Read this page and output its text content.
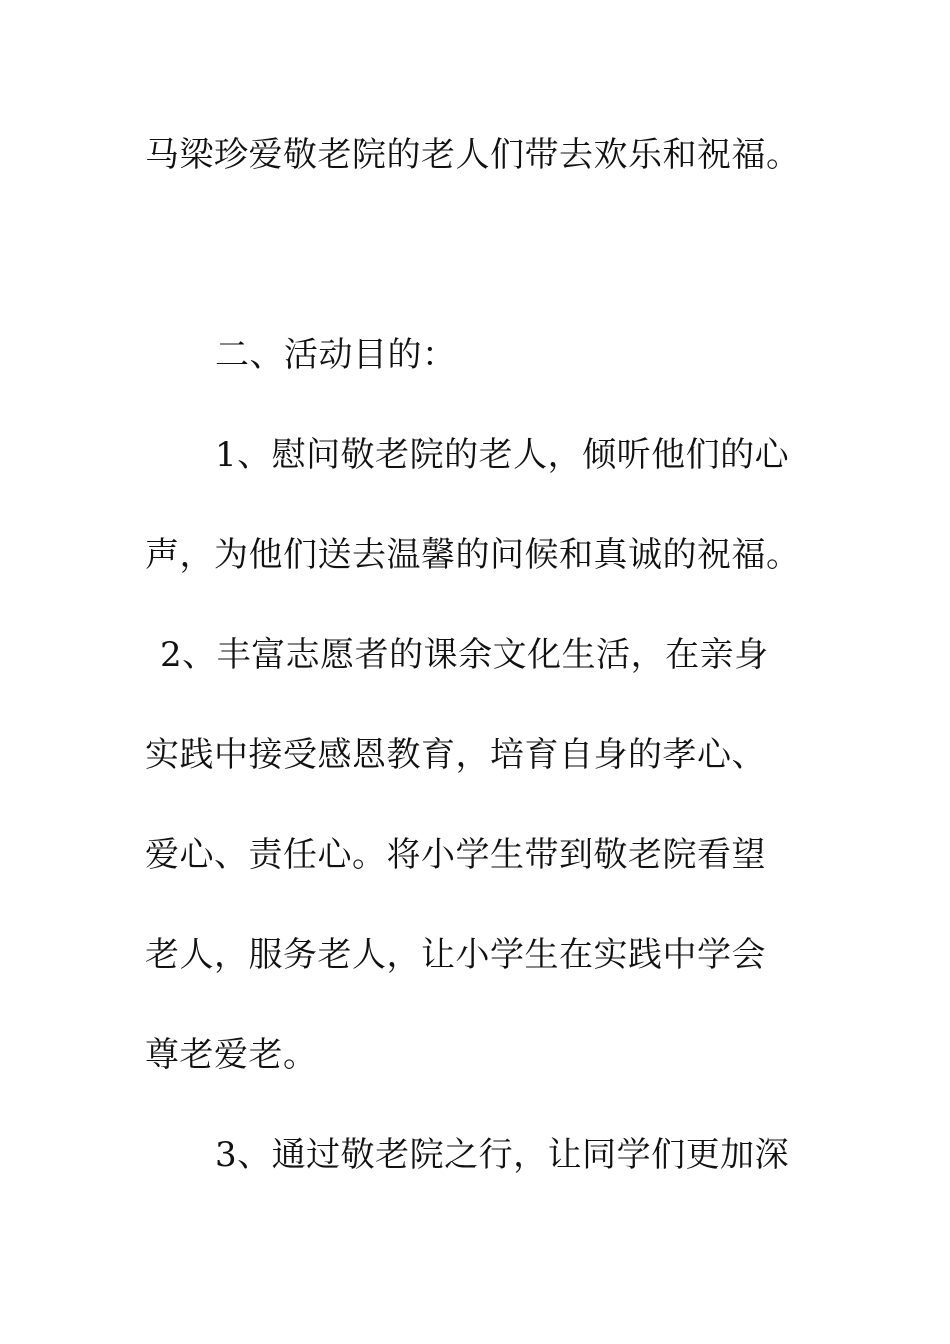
马梁珍爱敬老院的老人们带去欢乐和祝福。
二、活动目的：
1、慰问敬老院的老人，倾听他们的心
声，为他们送去温馨的问候和真诚的祝福。
2、丰富志愿者的课余文化生活，在亲身
实践中接受感恩教育，培育自身的孝心、
爱心、责任心。将小学生带到敬老院看望
老人，服务老人，让小学生在实践中学会
尊老爱老。
3、通过敬老院之行，让同学们更加深
